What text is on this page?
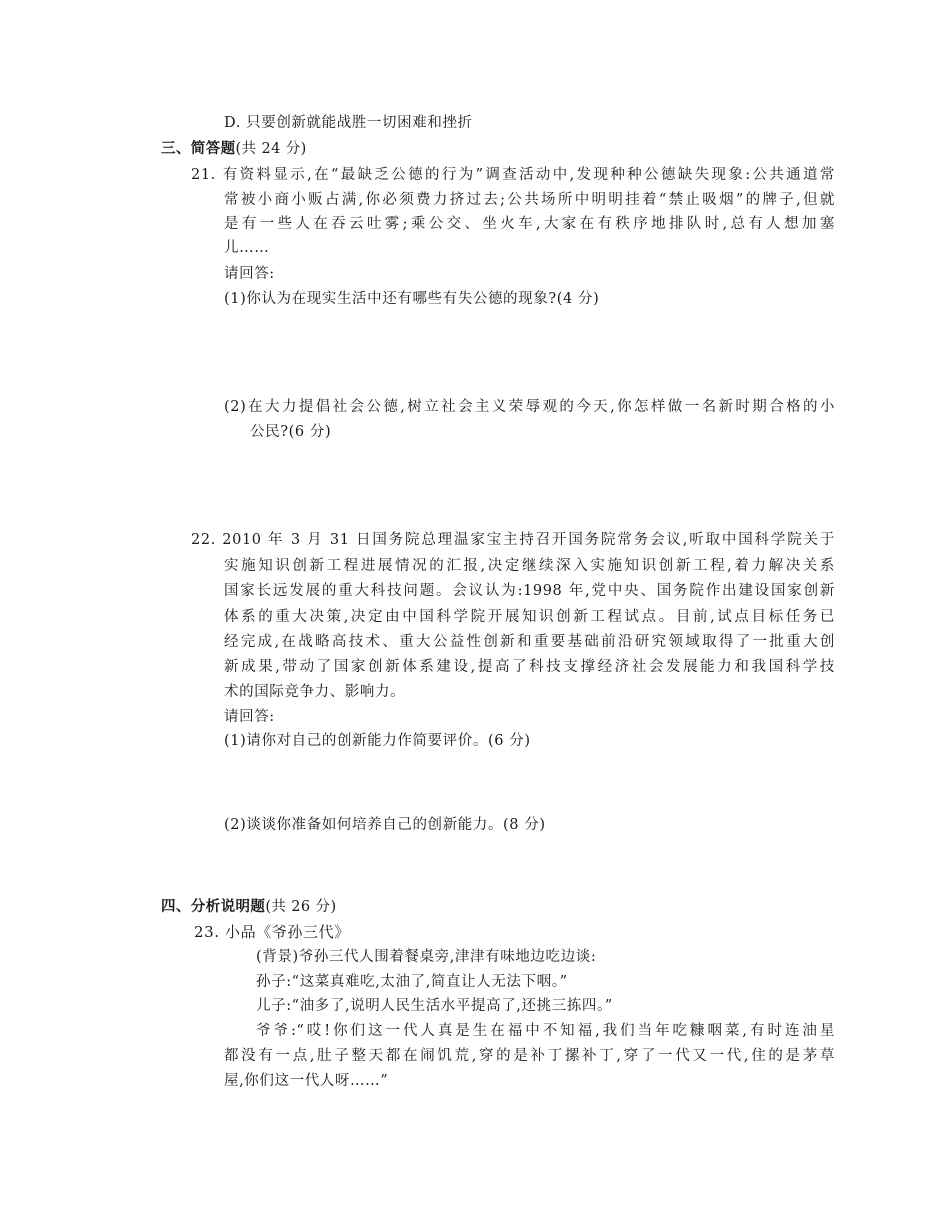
D. 只要创新就能战胜一切困难和挫折
三、简答题(共 24 分)
21. 有资料显示,在“最缺乏公德的行为”调查活动中,发现种种公德缺失现象:公共通道常
常被小商小贩占满,你必须费力挤过去;公共场所中明明挂着“禁止吸烟”的牌子,但就
是有一些人在吞云吐雾;乘公交、坐火车,大家在有秩序地排队时,总有人想加塞
儿……
请回答:
(1)你认为在现实生活中还有哪些有失公德的现象?(4 分)
(2)在大力提倡社会公德,树立社会主义荣辱观的今天,你怎样做一名新时期合格的小
公民?(6 分)
22. 2010 年 3 月 31 日国务院总理温家宝主持召开国务院常务会议,听取中国科学院关于
实施知识创新工程进展情况的汇报,决定继续深入实施知识创新工程,着力解决关系
国家长远发展的重大科技问题。会议认为:1998 年,党中央、国务院作出建设国家创新
体系的重大决策,决定由中国科学院开展知识创新工程试点。目前,试点目标任务已
经完成,在战略高技术、重大公益性创新和重要基础前沿研究领域取得了一批重大创
新成果,带动了国家创新体系建设,提高了科技支撑经济社会发展能力和我国科学技
术的国际竞争力、影响力。
请回答:
(1)请你对自己的创新能力作简要评价。(6 分)
(2)谈谈你准备如何培养自己的创新能力。(8 分)
四、分析说明题(共 26 分)
23. 小品《爷孙三代》
(背景)爷孙三代人围着餐桌旁,津津有味地边吃边谈:
孙子:“这菜真难吃,太油了,简直让人无法下咽。”
儿子:“油多了,说明人民生活水平提高了,还挑三拣四。”
爷爷:“哎!你们这一代人真是生在福中不知福,我们当年吃糠咽菜,有时连油星
都没有一点,肚子整天都在闹饥荒,穿的是补丁摞补丁,穿了一代又一代,住的是茅草
屋,你们这一代人呀……”
